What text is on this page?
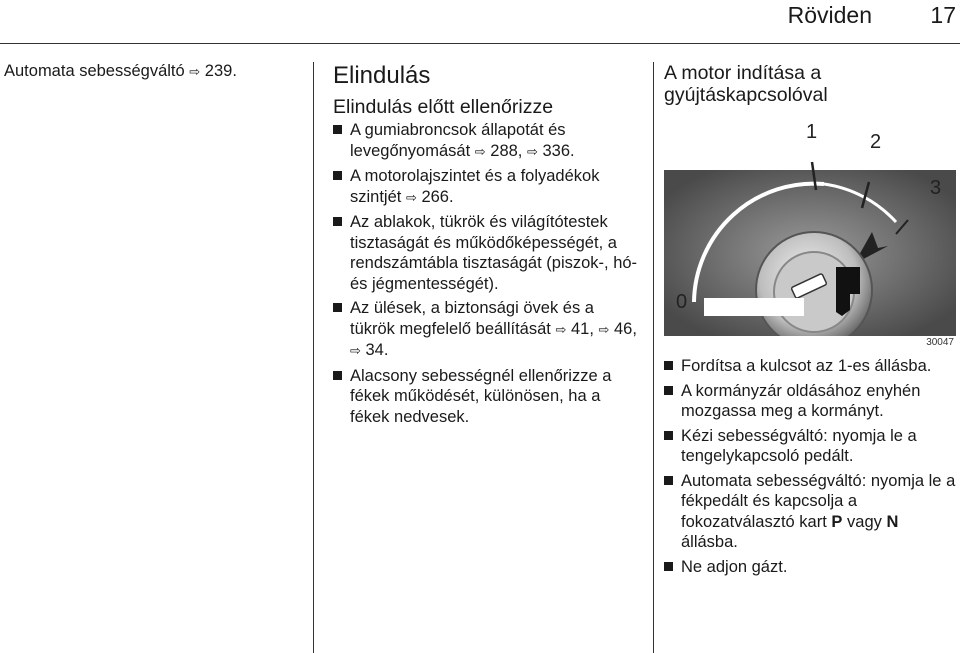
Röviden	17
Automata sebességváltó ⇨ 239.	Elindulás
Elindulás előtt ellenőrizze
A gumiabroncsok állapotát és levegőnyomását ⇨ 288, ⇨ 336.
A motorolajszintet és a folyadékok szintjét ⇨ 266.
Az ablakok, tükrök és világítótestek tisztaságát és működőképességét, a rendszámtábla tisztaságát (piszok-, hó- és jégmentességét).
Az ülések, a biztonsági övek és a tükrök megfelelő beállítását ⇨ 41, ⇨ 46, ⇨ 34.
Alacsony sebességnél ellenőrizze a fékek működését, különösen, ha a fékek nedvesek.
A motor indítása a gyújtáskapcsolóval
0
1	2
3
30047
Fordítsa a kulcsot az 1-es állásba.
A kormányzár oldásához enyhén mozgassa meg a kormányt.
Kézi sebességváltó: nyomja le a tengelykapcsoló pedált.
Automata sebességváltó: nyomja le a fékpedált és kapcsolja a fokozatválasztó kart P vagy N állásba.
Ne adjon gázt.
